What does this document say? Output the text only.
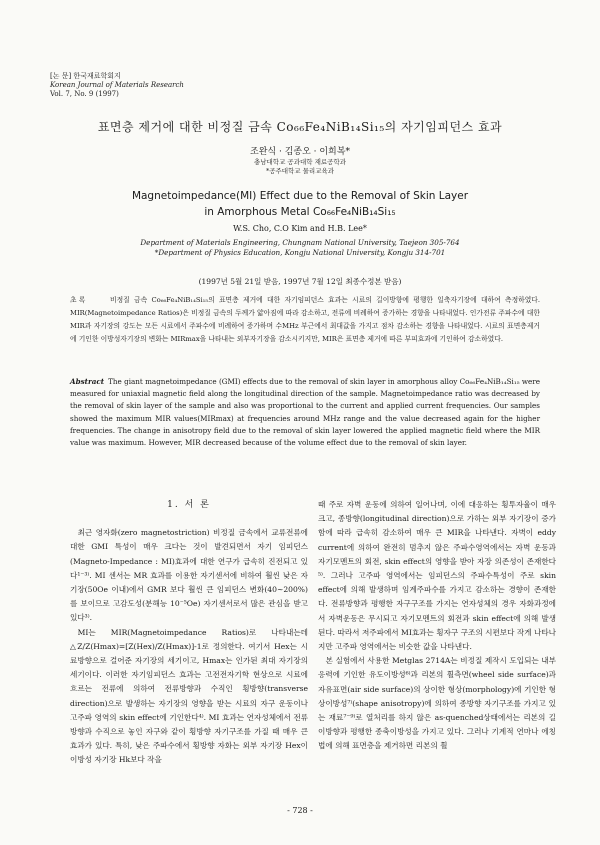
[논 문] 한국재료학회지
Korean Journal of Materials Research
Vol. 7, No. 9 (1997)
표면층 제거에 대한 비정질 금속 Co₆₆Fe₄NiB₁₄Si₁₅의 자기임피던스 효과
조완식 · 김종오 · 이희복*
충남대학교 공과대학 재료공학과
*공주대학교 물리교육과
Magnetoimpedance(MI) Effect due to the Removal of Skin Layer
in Amorphous Metal Co₆₆Fe₄NiB₁₄Si₁₅
W.S. Cho, C.O Kim and H.B. Lee*
Department of Materials Engineering, Chungnam National University, Taejeon 305-764
*Department of Physics Education, Kongju National University, Kongju 314-701
(1997년 5월 21일 받음, 1997년 7월 12일 최종수정본 받음)
초 록	비정질 금속 Co₆₆Fe₄NiB₁₄Si₁₅의 표면층 제거에 대한 자기임피던스 효과는 시료의 길이방향에 평행한 일축자기장에 대하여 측정하였다. MIR(Magnetoimpedance Ratios)은 비정질 금속의 두께가 얇아짐에 따라 감소하고, 전류에 비례하여 증가하는 경향을 나타내었다. 인가전류 주파수에 대한 MIR과 자기장의 강도는 모든 시료에서 주파수에 비례하여 증가하며 수MHz 부근에서 최대값을 가지고 점차 감소하는 경향을 나타내었다. 시료의 표면층제거에 기인한 이방성자기장의 변화는 MIRmax을 나타내는 외부자기장을 감소시키지만, MIR은 표면층 제거에 따른 부피효과에 기인하여 감소하였다.
Abstract The giant magnetoimpedance (GMI) effects due to the removal of skin layer in amorphous alloy Co₆₆Fe₄NiB₁₄Si₁₅ were measured for uniaxial magnetic field along the longitudinal direction of the sample. Magnetoimpedance ratio was decreased by the removal of skin layer of the sample and also was proportional to the current and applied current frequencies. Our samples showed the maximum MIR values(MIRmax) at frequencies around MHz range and the value decreased again for the higher frequencies. The change in anisotropy field due to the removal of skin layer lowered the applied magnetic field where the MIR value was maximum. However, MIR decreased because of the volume effect due to the removal of skin layer.
1. 서 론

최근 영자화(zero magnetostriction) 비정질 금속에서 교류전류에 대한 GMI 특성이 매우 크다는 것이 발견되면서 자기 임피던스(Magneto-Impedance : MI)효과에 대한 연구가 급속히 진전되고 있다¹⁻³⁾. MI 센서는 MR 효과를 이용한 자기센서에 비하여 훨씬 낮은 자기장(50Oe 이내)에서 GMR 보다 훨씬 큰 임피던스 변화(40∼200%)를 보이므로 고감도성(분해능 10⁻⁵Oe) 자기센서로서 많은 관심을 받고있다³⁾.

MI는 MIR(Magnetoimpedance Ratios)로 나타내는데 △Z/Z(Hmax)=[Z(Hex)/Z(Hmax)]-1로 정의한다. 여기서 Hex는 시료방향으로 걸어준 자기장의 세기이고, Hmax는 인가된 최대 자기장의 세기이다. 이러한 자기임피던스 효과는 고전전자기학 현상으로 시료에 흐르는 전류에 의하여 전류방향과 수직인 횡방향(transverse direction)으로 발생하는 자기장의 영향을 받는 시료의 자구 운동이나 고주파 영역의 skin effect에 기인한다⁴⁾. MI 효과는 연자성체에서 전류방향과 수직으로 놓인 자구와 같이 횡방향 자기구조를 가질 때 매우 큰 효과가 있다. 특히, 낮은 주파수에서 횡방향 자화는 외부 자기장 Hex이 이방성 자기장 Hk보다 작을

때 주로 자벽 운동에 의하여 일어나며, 이에 대응하는 횡투자율이 매우 크고, 종방향(longitudinal direction)으로 가하는 외부 자기장이 증가함에 따라 급속히 감소하여 매우 큰 MIR을 나타낸다. 자벽이 eddy current에 의하여 완전히 멈추지 않은 주파수영역에서는 자벽 운동과 자기모멘트의 회전, skin effect의 영향을 받아 자장 의존성이 존재한다⁵⁾. 그러나 고주파 영역에서는 임피던스의 주파수특성이 주로 skin effect에 의해 발생하며 임계주파수를 가지고 감소하는 경향이 존재한다. 전류방향과 평행한 자구구조를 가지는 연자성체의 경우 자화과정에서 자벽운동은 무시되고 자기모멘트의 회전과 skin effect에 의해 발생된다. 따라서 저주파에서 MI효과는 횡자구 구조의 시편보다 작게 나타나지만 고주파 영역에서는 비슷한 값을 나타낸다.

본 실험에서 사용한 Metglas 2714A는 비정질 제작시 도입되는 내부응력에 기인한 유도이방성⁶⁾과 리본의 휠측면(wheel side surface)과 자유표면(air side surface)의 상이한 형상(morphology)에 기인한 형상이방성⁷⁾(shape anisotropy)에 의하여 종방향 자기구조를 가지고 있는 재료⁷⁻⁹⁾로 열처리를 하지 않은 as-quenched상태에서는 리본의 길이방향과 평행한 종축이방성을 가지고 있다. 그러나 기계적 연마나 에칭법에 의해 표면층을 제거하면 리본의 휠

- 728 -
